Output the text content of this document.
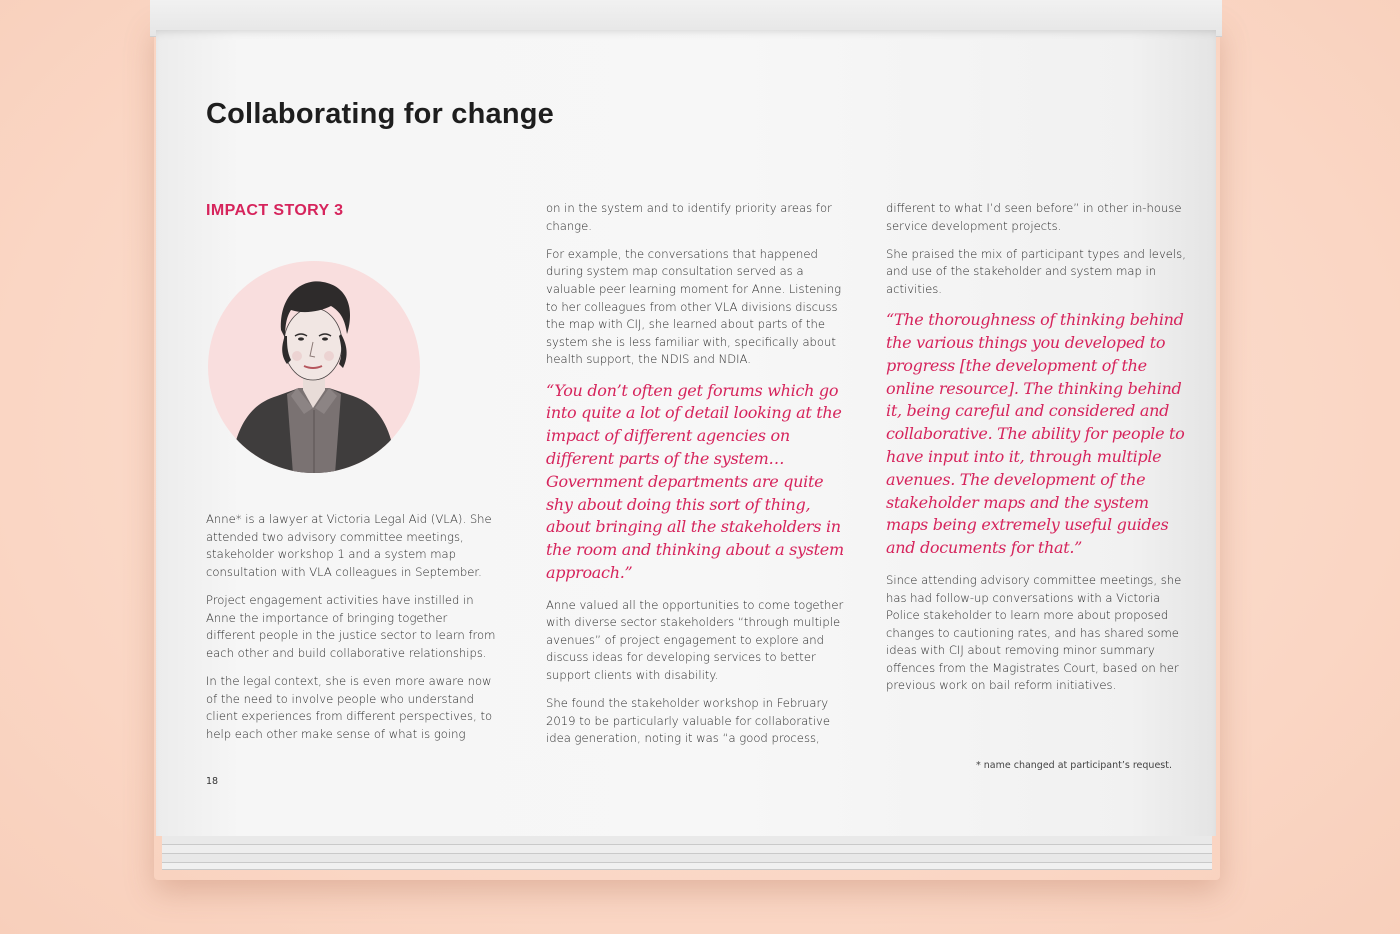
Collaborating for change
IMPACT STORY 3

Anne* is a lawyer at Victoria Legal Aid (VLA). She attended two advisory committee meetings, stakeholder workshop 1 and a system map consultation with VLA colleagues in September.

Project engagement activities have instilled in Anne the importance of bringing together different people in the justice sector to learn from each other and build collaborative relationships.

In the legal context, she is even more aware now of the need to involve people who understand client experiences from different perspectives, to help each other make sense of what is going

on in the system and to identify priority areas for change.

For example, the conversations that happened during system map consultation served as a valuable peer learning moment for Anne. Listening to her colleagues from other VLA divisions discuss the map with CIJ, she learned about parts of the system she is less familiar with, specifically about health support, the NDIS and NDIA.

“You don’t often get forums which go into quite a lot of detail looking at the impact of different agencies on different parts of the system… Government departments are quite shy about doing this sort of thing, about bringing all the stakeholders in the room and thinking about a system approach.”

Anne valued all the opportunities to come together with diverse sector stakeholders “through multiple avenues” of project engagement to explore and discuss ideas for developing services to better support clients with disability.

She found the stakeholder workshop in February 2019 to be particularly valuable for collaborative idea generation, noting it was “a good process,

different to what I’d seen before” in other in-house service development projects.

She praised the mix of participant types and levels, and use of the stakeholder and system map in activities.

“The thoroughness of thinking behind the various things you developed to progress [the development of the online resource]. The thinking behind it, being careful and considered and collaborative. The ability for people to have input into it, through multiple avenues. The development of the stakeholder maps and the system maps being extremely useful guides and documents for that.”

Since attending advisory committee meetings, she has had follow-up conversations with a Victoria Police stakeholder to learn more about proposed changes to cautioning rates, and has shared some ideas with CIJ about removing minor summary offences from the Magistrates Court, based on her previous work on bail reform initiatives.

18

* name changed at participant’s request.
